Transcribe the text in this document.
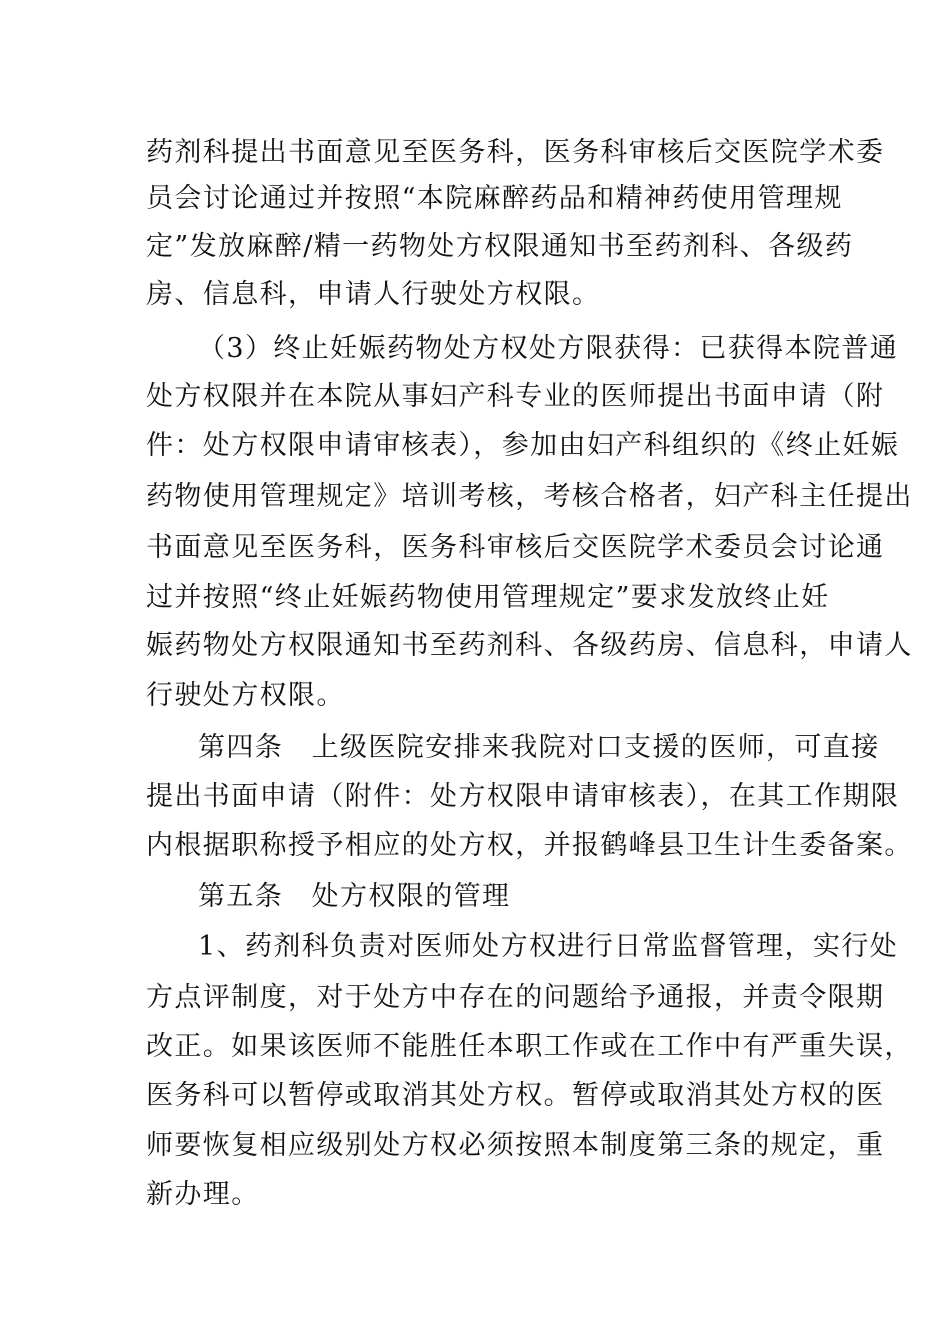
药剂科提出书面意见至医务科，医务科审核后交医院学术委
员会讨论通过并按照“本院麻醉药品和精神药使用管理规
定”发放麻醉/精一药物处方权限通知书至药剂科、各级药
房、信息科，申请人行驶处方权限。
（3）终止妊娠药物处方权处方限获得：已获得本院普通
处方权限并在本院从事妇产科专业的医师提出书面申请（附
件：处方权限申请审核表），参加由妇产科组织的《终止妊娠
药物使用管理规定》培训考核，考核合格者，妇产科主任提出
书面意见至医务科，医务科审核后交医院学术委员会讨论通
过并按照“终止妊娠药物使用管理规定”要求发放终止妊
娠药物处方权限通知书至药剂科、各级药房、信息科，申请人
行驶处方权限。
第四条　上级医院安排来我院对口支援的医师，可直接
提出书面申请（附件：处方权限申请审核表），在其工作期限
内根据职称授予相应的处方权，并报鹤峰县卫生计生委备案。
第五条　处方权限的管理
1、药剂科负责对医师处方权进行日常监督管理，实行处
方点评制度，对于处方中存在的问题给予通报，并责令限期
改正。如果该医师不能胜任本职工作或在工作中有严重失误，
医务科可以暂停或取消其处方权。暂停或取消其处方权的医
师要恢复相应级别处方权必须按照本制度第三条的规定，重
新办理。
